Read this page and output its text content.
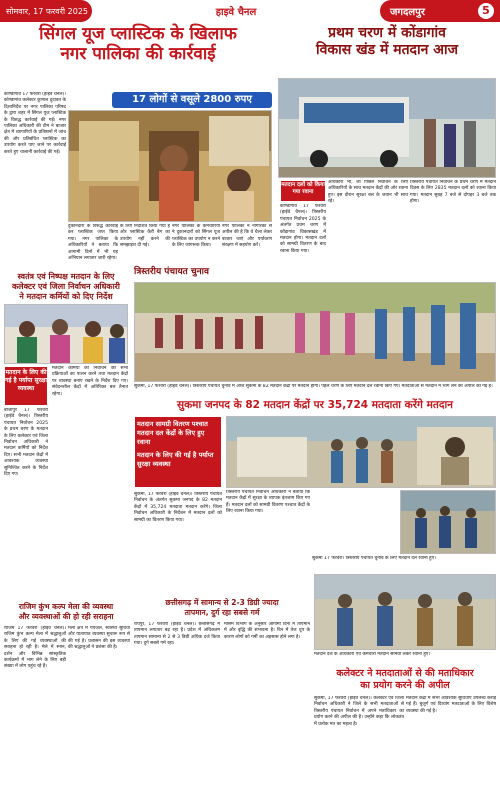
सोमवार, 17 फरवरी 2025	हाइवे चैनल	जगदलपुर	5
सिंगल यूज प्लास्टिक के खिलाफ
नगर पालिका की कार्रवाई
17 लोगों से वसूले 2800 रुपए
कोण्डागांव 17 फरवरी (हाईवे चैनल)। कोण्डागांव कलेक्टर कुणाल दुदावत के दिशानिर्देश पर नगर पालिका परिषद के द्वारा शहर में सिंगल यूज प्लास्टिक के विरुद्ध कार्रवाई की गई। नगर पालिका अधिकारी की टीम ने बाजार क्षेत्र में व्यापारियों के प्रतिष्ठानों में जांच की और प्रतिबंधित प्लास्टिक का उपयोग करते पाए जाने पर कार्रवाई करते हुए चालानी कार्रवाई की गई।
दुकानदारों के विरुद्ध कार्रवाई कर प्लास्टिक जप्त किया गया। नगर पालिका के अधिकारियों ने बताया कि आगामी दिनों में भी यह अभियान लगातार जारी रहेगा।
के लिए निर्देशित किया गया है और प्लास्टिक कैरी बैग का उपयोग नहीं करने की समझाइश दी गई।
नगर पालिका के कर्मचारियों ने दुकानदारों को सिंगल यूज प्लास्टिक का उपयोग न करने के लिए जागरूक किया।
नगर पालिका ने नागरिकों से अपील की है कि वे थैला लेकर बाजार जाएं और पर्यावरण संरक्षण में सहयोग करें।
प्रथम चरण में कोंडागांव
विकास खंड में मतदान आज
मतदान दलों को किया गया रवाना
कोण्डागांव 17 फरवरी (हाईवे चैनल)। त्रिस्तरीय पंचायत निर्वाचन 2025 के अंतर्गत प्रथम चरण में कोंडागांव विकासखंड में मतदान होगा। मतदान दलों को सामग्री वितरण के बाद रवाना किया गया।
अधिकारी भी, जो पिछले निर्वाचन के लिए अधिकारियों के साथ मतदान केंद्रों की ओर रवाना हुए। इस दौरान सुरक्षा बल के जवान भी साथ रहे।
त्रिस्तरीय पंचायत निर्वाचन के प्रथम चरण में मतदान दिवस के लिए 2835 मतदान दलों को रवाना किया गया। मतदान सुबह 7 बजे से दोपहर 3 बजे तक होगा।
स्वतंत्र एवं निष्पक्ष मतदान के लिए
कलेक्टर एवं जिला निर्वाचन अधिकारी
ने मतदान कर्मियों को दिए निर्देश
मतदान के लिए की गई है पर्याप्त सुरक्षा व्यवस्था
बीजापुर 17 फरवरी (हाईवे चैनल)। त्रिस्तरीय पंचायत निर्वाचन 2025 के प्रथम चरण के मतदान के लिए कलेक्टर एवं जिला निर्वाचन अधिकारी ने मतदान कर्मियों को निर्देश दिए। सभी मतदान केंद्रों में आवश्यक व्यवस्था सुनिश्चित करने के निर्देश दिए गए।
मतदान कर्मियों को निर्वाचन की सभी प्रक्रियाओं का पालन करने तथा मतदान केंद्रों पर व्यवस्था बनाए रखने के निर्देश दिए गए। संवेदनशील केंद्रों में अतिरिक्त बल तैनात रहेगा।
त्रिस्तरीय पंचायत चुनाव
सुकमा, 17 फरवरी (हाईवे चैनल)। त्रिस्तरीय पंचायत चुनाव में आज सुकमा के 82 मतदान केंद्रों पर मतदान होगा। पहले चरण के लिए मतदान दल रवाना किए गए। मतदाताओं से मतदान में भाग लेने की अपील की गई है।
सुकमा जनपद के 82 मतदान केंद्रों पर 35,724 मतदाता करेंगे मतदान
मतदान सामग्री वितरण पश्चात मतदान दल केंद्रों के लिए हुए रवाना
मतदान के लिए की गई है पर्याप्त सुरक्षा व्यवस्था
सुकमा, 17 फरवरी (हाईवे चैनल)। त्रिस्तरीय पंचायत निर्वाचन के अंतर्गत सुकमा जनपद के 82 मतदान केंद्रों में 35,724 मतदाता मतदान करेंगे। जिला निर्वाचन अधिकारी के निर्देशन में मतदान दलों को सामग्री का वितरण किया गया।
त्रिस्तरीय पंचायत निर्वाचन अधिकारी ने बताया कि मतदान केंद्रों में सुरक्षा के व्यापक इंतजाम किए गए हैं। मतदान दलों को सामग्री वितरण पश्चात केंद्रों के लिए रवाना किया गया।
सुकमा 17 फरवरी। त्रिस्तरीय पंचायत चुनाव के लिए मतदान दल रवाना हुए।
राजिम कुंभ कल्प मेला की व्यवस्था
और व्यवस्थाओं की हो रही सराहना
राजिम 17 फरवरी (हाईवे चैनल)। राजिम कुंभ कल्प मेला में श्रद्धालुओं के लिए की गई व्यवस्थाओं की सराहना हो रही है। मेले में स्नान, दर्शन और विभिन्न सांस्कृतिक कार्यक्रमों में भाग लेने के लिए बड़ी संख्या में लोग पहुंच रहे हैं।
मेला क्षेत्र में पेयजल, स्वास्थ्य सुविधा और यातायात व्यवस्था सुचारू रूप से की गई है। प्रशासन की इस व्यवस्था की श्रद्धालुओं ने प्रशंसा की है।
छत्तीसगढ़ में सामान्य से 2-3 डिग्री ज्यादा
तापमान, दुर्ग रहा सबसे गर्म
रायपुर, 17 फरवरी (हाईवे चैनल)। छत्तीसगढ़ में तापमान लगातार बढ़ रहा है। प्रदेश में अधिकतम तापमान सामान्य से 2 से 3 डिग्री अधिक दर्ज किया गया। दुर्ग सबसे गर्म रहा।
मौसम विभाग के अनुसार आगामी दिनों में तापमान में और वृद्धि की संभावना है। दिन में तेज धूप के कारण लोगों को गर्मी का अहसास होने लगा है।
मतदान दल के अधिकारी एवं कर्मचारी मतदान सामग्री लेकर रवाना हुए।
कलेक्टर ने मतदाताओं से की मताधिकार
का प्रयोग करने की अपील
सुकमा, 17 फरवरी (हाईवे चैनल)। कलेक्टर एवं जिला निर्वाचन अधिकारी ने जिले के सभी मतदाताओं से त्रिस्तरीय पंचायत निर्वाचन में अपने मताधिकार का प्रयोग करने की अपील की है। उन्होंने कहा कि लोकतंत्र में प्रत्येक मत का महत्व है।
मतदान केंद्रों में सभी आवश्यक सुविधाएं उपलब्ध कराई गई हैं। बुजुर्ग एवं दिव्यांग मतदाताओं के लिए विशेष व्यवस्था की गई है।
